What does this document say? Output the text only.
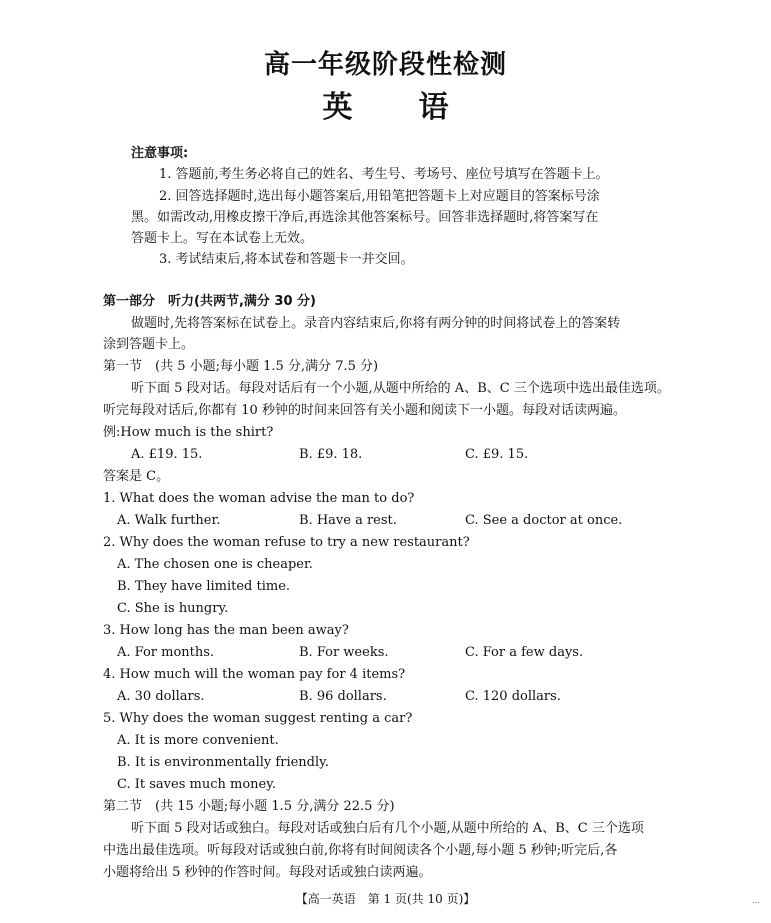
高一年级阶段性检测
英 语
注意事项:
1. 答题前,考生务必将自己的姓名、考生号、考场号、座位号填写在答题卡上。
2. 回答选择题时,选出每小题答案后,用铅笔把答题卡上对应题目的答案标号涂
黑。如需改动,用橡皮擦干净后,再选涂其他答案标号。回答非选择题时,将答案写在
答题卡上。写在本试卷上无效。
3. 考试结束后,将本试卷和答题卡一并交回。
第一部分　听力(共两节,满分 30 分)
做题时,先将答案标在试卷上。录音内容结束后,你将有两分钟的时间将试卷上的答案转
涂到答题卡上。
第一节　(共 5 小题;每小题 1.5 分,满分 7.5 分)
听下面 5 段对话。每段对话后有一个小题,从题中所给的 A、B、C 三个选项中选出最佳选项。
听完每段对话后,你都有 10 秒钟的时间来回答有关小题和阅读下一小题。每段对话读两遍。
例:How much is the shirt?
A. £19. 15.	B. £9. 18.	C. £9. 15.
答案是 C。
1. What does the woman advise the man to do?
A. Walk further.	B. Have a rest.	C. See a doctor at once.
2. Why does the woman refuse to try a new restaurant?
A. The chosen one is cheaper.
B. They have limited time.
C. She is hungry.
3. How long has the man been away?
A. For months.	B. For weeks.	C. For a few days.
4. How much will the woman pay for 4 items?
A. 30 dollars.	B. 96 dollars.	C. 120 dollars.
5. Why does the woman suggest renting a car?
A. It is more convenient.
B. It is environmentally friendly.
C. It saves much money.
第二节　(共 15 小题;每小题 1.5 分,满分 22.5 分)
听下面 5 段对话或独白。每段对话或独白后有几个小题,从题中所给的 A、B、C 三个选项
中选出最佳选项。听每段对话或独白前,你将有时间阅读各个小题,每小题 5 秒钟;听完后,各
小题将给出 5 秒钟的作答时间。每段对话或独白读两遍。
【高一英语　第 1 页(共 10 页)】	…
